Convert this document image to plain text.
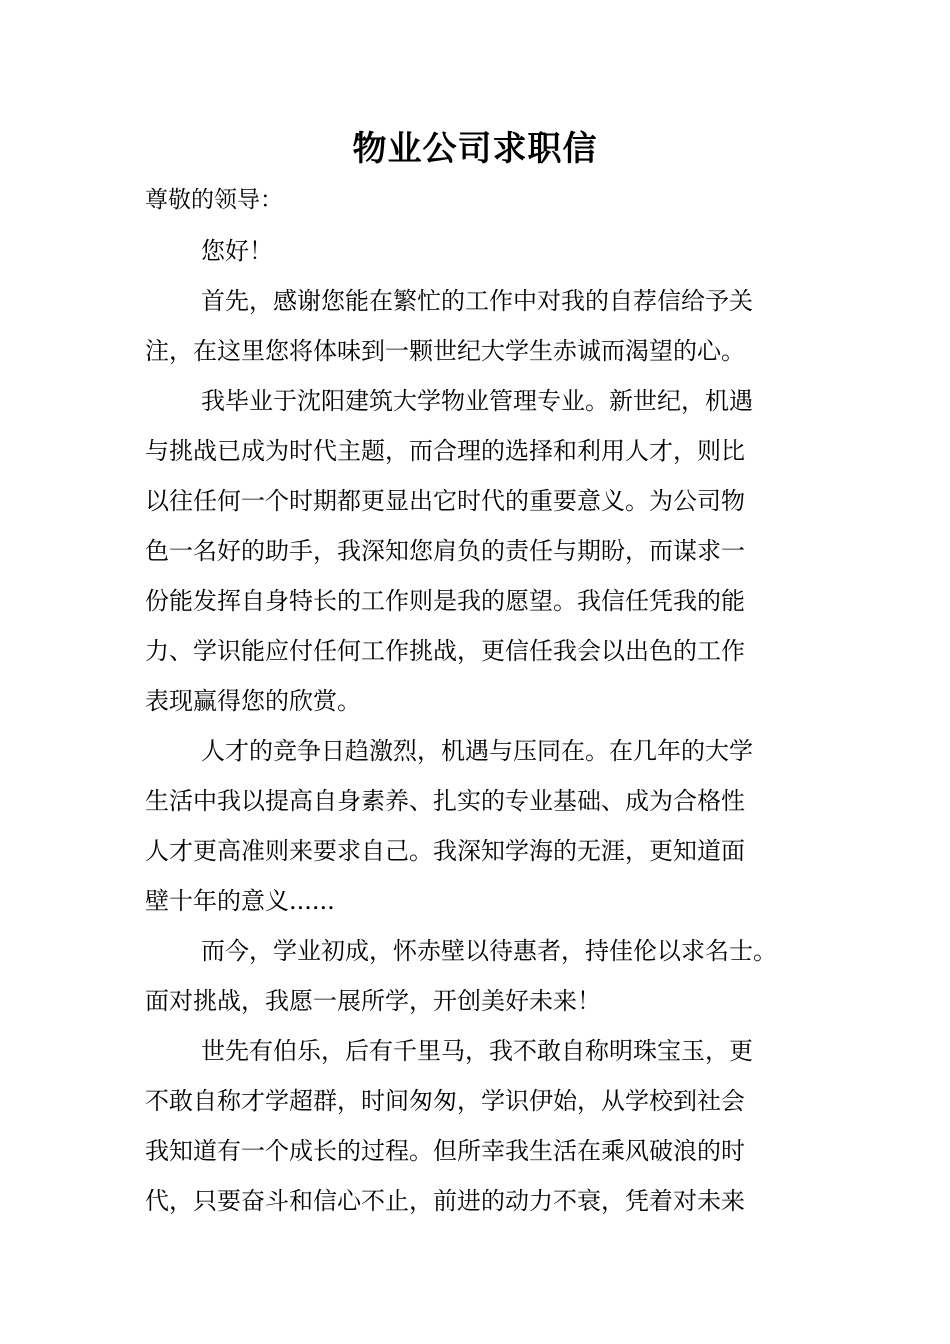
物业公司求职信

尊敬的领导：

您好！
首先，感谢您能在繁忙的工作中对我的自荐信给予关
注，在这里您将体味到一颗世纪大学生赤诚而渴望的心。
我毕业于沈阳建筑大学物业管理专业。新世纪，机遇
与挑战已成为时代主题，而合理的选择和利用人才，则比
以往任何一个时期都更显出它时代的重要意义。为公司物
色一名好的助手，我深知您肩负的责任与期盼，而谋求一
份能发挥自身特长的工作则是我的愿望。我信任凭我的能
力、学识能应付任何工作挑战，更信任我会以出色的工作
表现赢得您的欣赏。
人才的竞争日趋激烈，机遇与压同在。在几年的大学
生活中我以提高自身素养、扎实的专业基础、成为合格性
人才更高准则来要求自己。我深知学海的无涯，更知道面
壁十年的意义......
而今，学业初成，怀赤壁以待惠者，持佳伦以求名士。
面对挑战，我愿一展所学，开创美好未来！
世先有伯乐，后有千里马，我不敢自称明珠宝玉，更
不敢自称才学超群，时间匆匆，学识伊始，从学校到社会
我知道有一个成长的过程。但所幸我生活在乘风破浪的时
代，只要奋斗和信心不止，前进的动力不衰，凭着对未来
